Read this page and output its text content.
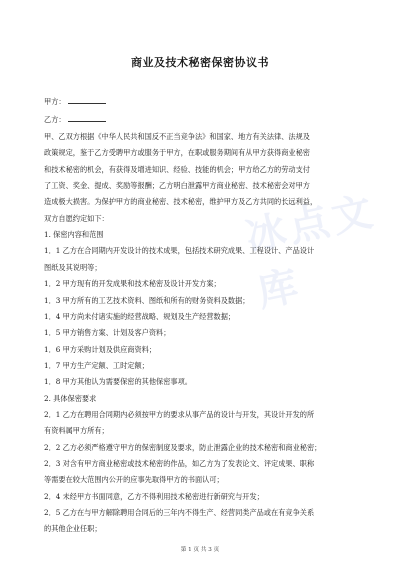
冰点文库
商业及技术秘密保密协议书
甲方：
乙方：
甲、乙双方根据《中华人民共和国反不正当竞争法》和国家、地方有关法律、法规及
政策规定，鉴于乙方受聘甲方或服务于甲方，在职或服务期间有从甲方获得商业秘密
和技术秘密的机会，有获得及增进知识、经验、技能的机会；甲方给乙方的劳动支付
了工资、奖金、提成、奖励等报酬；乙方明白泄露甲方商业秘密、技术秘密会对甲方
造成极大损害。为保护甲方的商业秘密、技术秘密，维护甲方及乙方共同的长远利益，
双方自愿约定如下：
1. 保密内容和范围
1．1 乙方在合同期内开发设计的技术成果，包括技术研究成果、工程设计、产品设计
图纸及其说明等；
1．2 甲方现有的开发成果和技术秘密及设计开发方案；
1．3 甲方所有的工艺技术资料、图纸和所有的财务资料及数据；
1．4 甲方尚未付诸实施的经营战略、规划及生产经营数据；
1．5 甲方销售方案、计划及客户资料；
1．6 甲方采购计划及供应商资料；
1．7 甲方生产定额、工时定额；
1．8 甲方其他认为需要保密的其他保密事项。
2. 具体保密要求
2．1 乙方在聘用合同期内必须按甲方的要求从事产品的设计与开发，其设计开发的所
有资料属甲方所有；
2．2 乙方必须严格遵守甲方的保密制度及要求，防止泄露企业的技术秘密和商业秘密；
2．3 对含有甲方商业秘密或技术秘密的作品，如乙方为了发表论文、评定成果、职称
等需要在较大范围内公开的应事先取得甲方的书面认可；
2．4 未经甲方书面同意，乙方不得利用技术秘密进行新研究与开发；
2．5 乙方在与甲方解除聘用合同后的三年内不得生产、经营同类产品或在有竞争关系
的其他企业任职；
第 1 页 共 3 页
